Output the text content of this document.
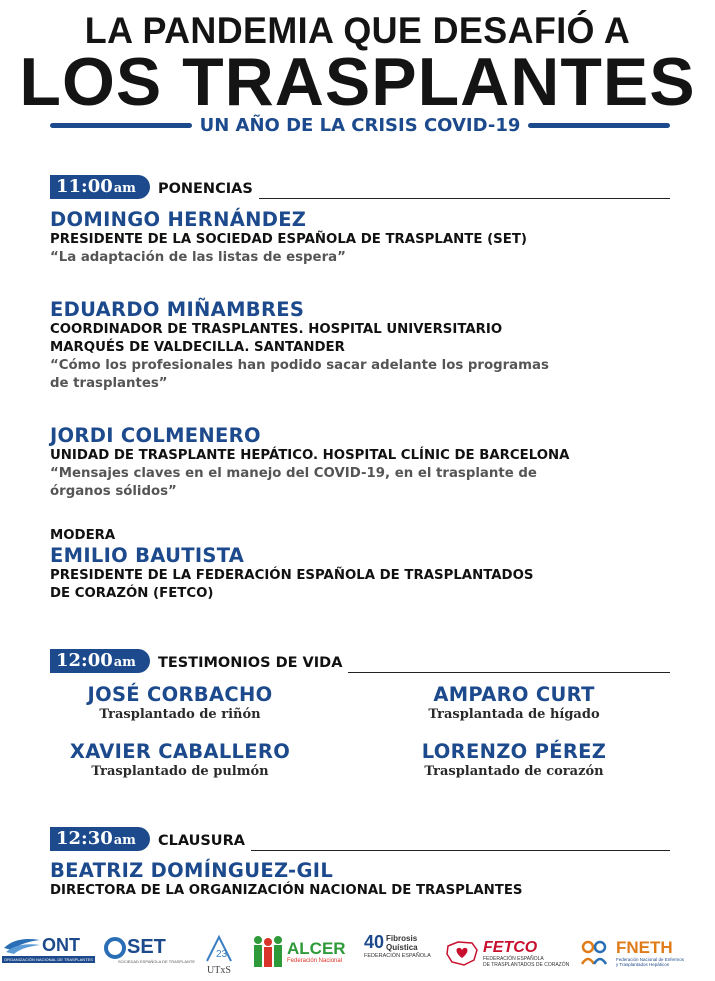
LA PANDEMIA QUE DESAFIÓ A
LOS TRASPLANTES
UN AÑO DE LA CRISIS COVID-19
11:00 am PONENCIAS
DOMINGO HERNÁNDEZ
PRESIDENTE DE LA SOCIEDAD ESPAÑOLA DE TRASPLANTE (SET)
“La adaptación de las listas de espera”
EDUARDO MIÑAMBRES
COORDINADOR DE TRASPLANTES. HOSPITAL UNIVERSITARIO
MARQUÉS DE VALDECILLA. SANTANDER
“Cómo los profesionales han podido sacar adelante los programas
de trasplantes”
JORDI COLMENERO
UNIDAD DE TRASPLANTE HEPÁTICO. HOSPITAL CLÍNIC DE BARCELONA
“Mensajes claves en el manejo del COVID-19, en el trasplante de
órganos sólidos”
MODERA
EMILIO BAUTISTA
PRESIDENTE DE LA FEDERACIÓN ESPAÑOLA DE TRASPLANTADOS
DE CORAZÓN (FETCO)
12:00 am TESTIMONIOS DE VIDA
JOSÉ CORBACHO
Trasplantado de riñón
AMPARO CURT
Trasplantada de hígado
XAVIER CABALLERO
Trasplantado de pulmón
LORENZO PÉREZ
Trasplantado de corazón
12:30 am CLAUSURA
BEATRIZ DOMÍNGUEZ-GIL
DIRECTORA DE LA ORGANIZACIÓN NACIONAL DE TRASPLANTES
ONT
ORGANIZACIÓN NACIONAL DE TRASPLANTES
SET
SOCIEDAD ESPAÑOLA DE TRASPLANTE
23
UTxS
ALCER
Federación Nacional
40 Fibrosis
Quística
FEDERACIÓN ESPAÑOLA
FETCO
FEDERACIÓN ESPAÑOLA
DE TRASPLANTADOS DE CORAZÓN
FNETH
Federación Nacional de Enfermos
y Trasplantados Hepáticos
